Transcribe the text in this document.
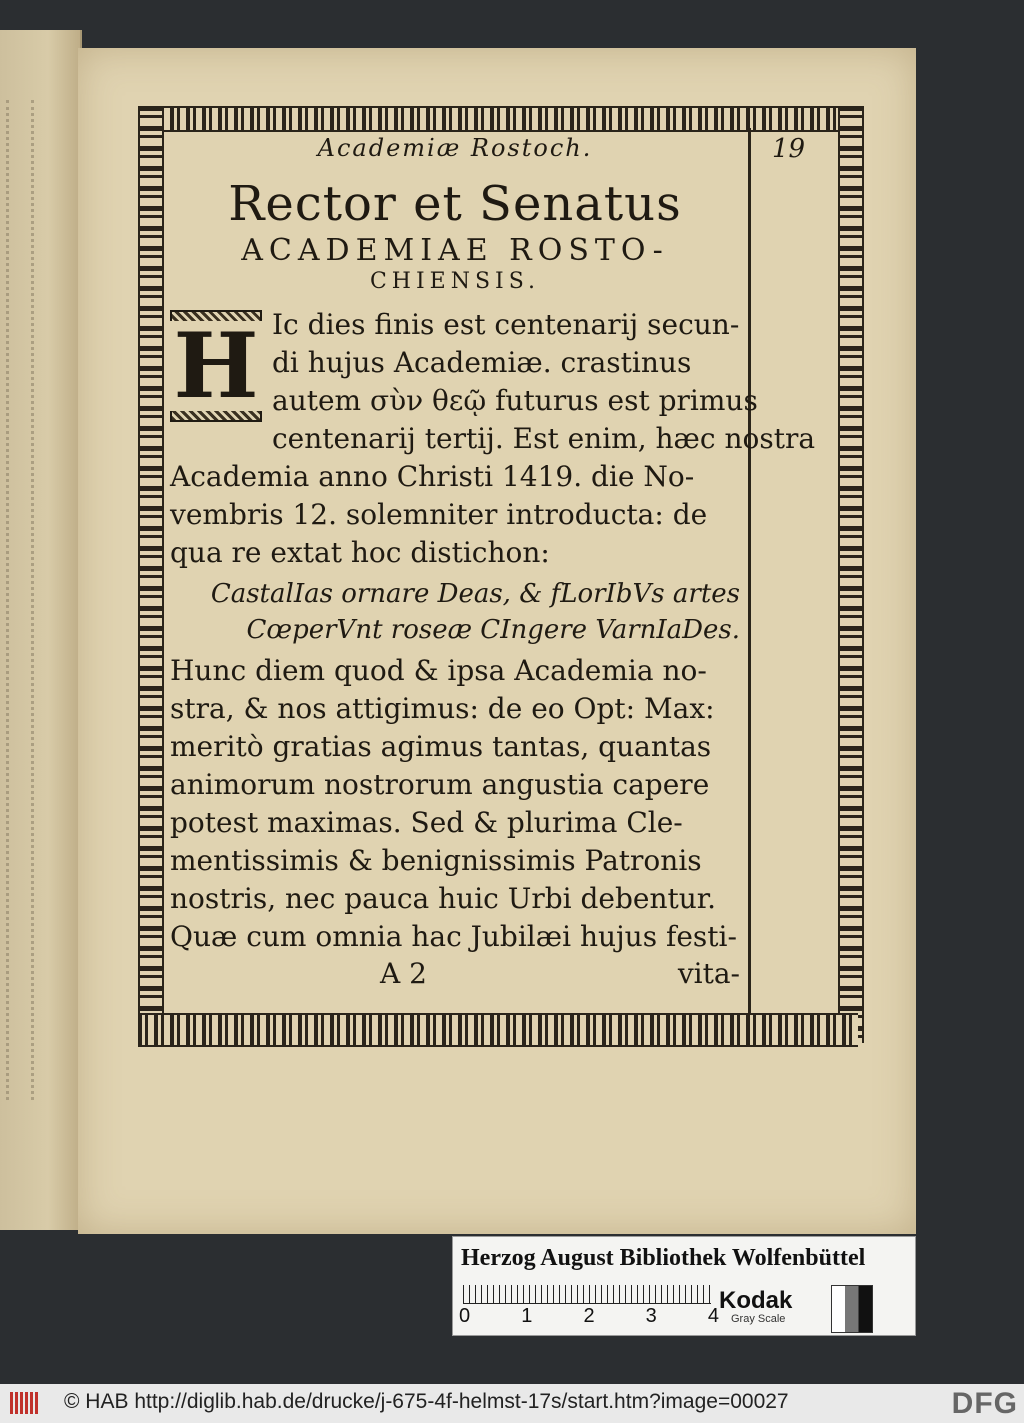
19
Academiæ Rostoch.
Rector et Senatus
ACADEMIAE ROSTO-
CHIENSIS.
H Ic dies finis est centenarij secun-
di hujus Academiæ. crastinus
autem σὺν θεῷ futurus est primus
centenarij tertij. Est enim, hæc nostra
Academia anno Christi 1419. die No-
vembris 12. solemniter introducta: de
qua re extat hoc distichon:
CastalIas ornare Deas, & fLorIbVs artes
CœperVnt roseæ CIngere VarnIaDes.
Hunc diem quod & ipsa Academia no-
stra, & nos attigimus: de eo Opt: Max:
meritò gratias agimus tantas, quantas
animorum nostrorum angustia capere
potest maximas. Sed & plurima Cle-
mentissimis & benignissimis Patronis
nostris, nec pauca huic Urbi debentur.
Quæ cum omnia hac Jubilæi hujus festi-
A 2	vita-
Herzog August Bibliothek Wolfenbüttel
0	1	2	3	4
Kodak
Gray Scale
© HAB http://diglib.hab.de/drucke/j-675-4f-helmst-17s/start.htm?image=00027	DFG
